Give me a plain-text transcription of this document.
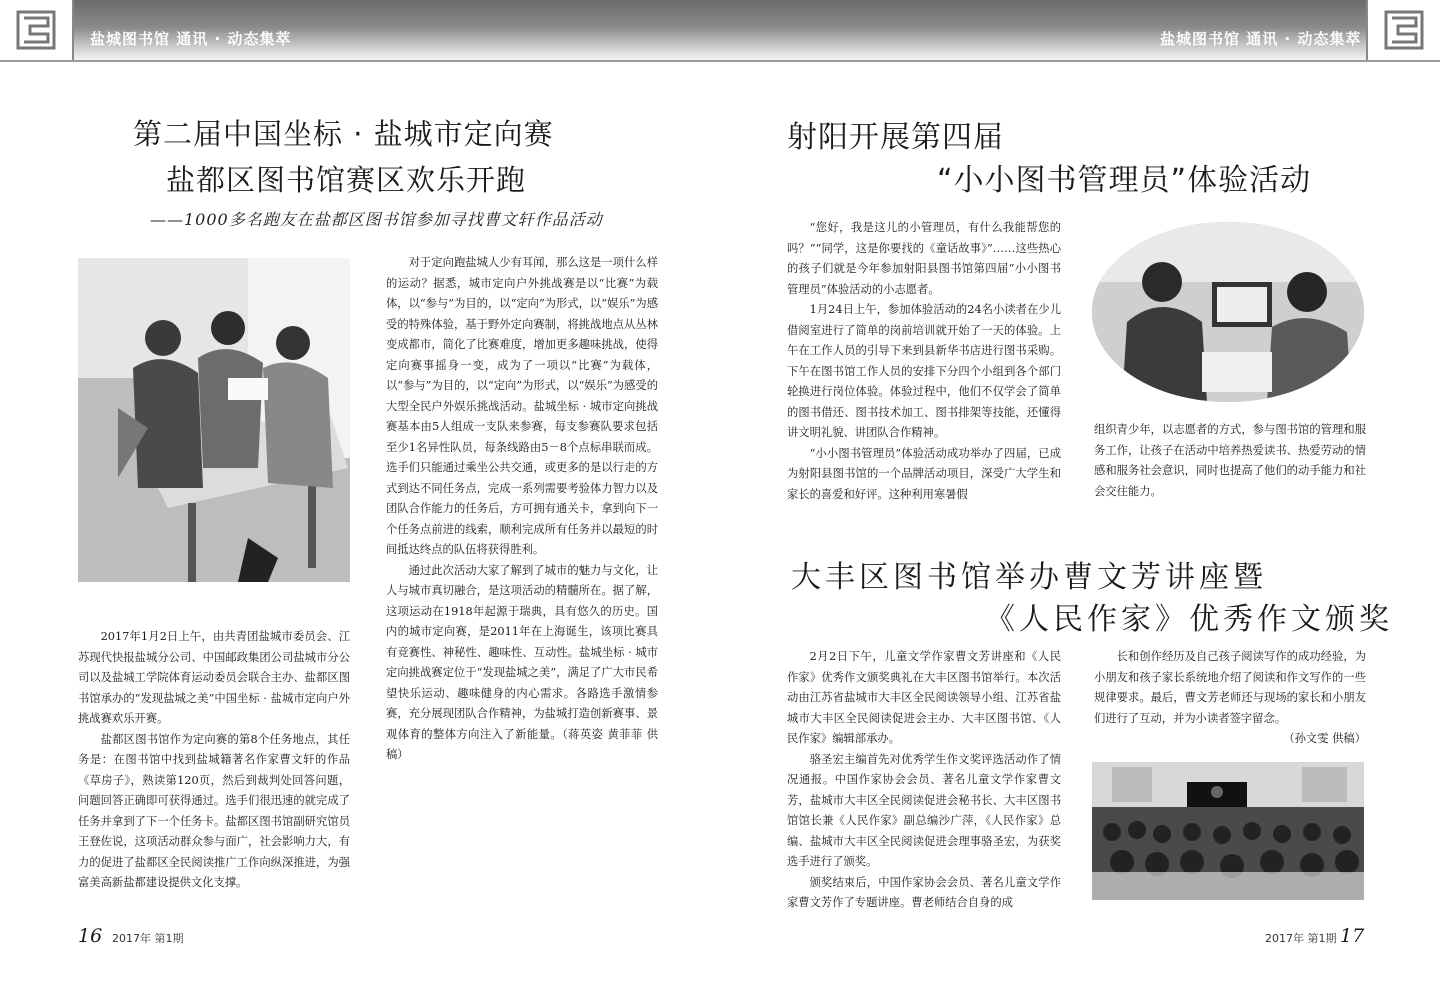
盐城图书馆 通讯 · 动态集萃	盐城图书馆 通讯 · 动态集萃
第二届中国坐标 · 盐城市定向赛
盐都区图书馆赛区欢乐开跑
——1000多名跑友在盐都区图书馆参加寻找曹文轩作品活动

对于定向跑盐城人少有耳闻，那么这是一项什么样的运动？据悉，城市定向户外挑战赛是以“比赛”为载体，以“参与”为目的，以“定向”为形式，以“娱乐”为感受的特殊体验，基于野外定向赛制，将挑战地点从丛林变成都市，简化了比赛难度，增加更多趣味挑战，使得定向赛事摇身一变，成为了一项以“比赛”为载体，以“参与”为目的，以“定向”为形式，以“娱乐”为感受的大型全民户外娱乐挑战活动。盐城坐标 · 城市定向挑战赛基本由5人组成一支队来参赛，每支参赛队要求包括至少1名异性队员，每条线路由5－8个点标串联而成。选手们只能通过乘坐公共交通，或更多的是以行走的方式到达不同任务点，完成一系列需要考验体力智力以及团队合作能力的任务后，方可拥有通关卡，拿到向下一个任务点前进的线索，顺利完成所有任务并以最短的时间抵达终点的队伍将获得胜利。

通过此次活动大家了解到了城市的魅力与文化，让人与城市真切融合，是这项活动的精髓所在。据了解，这项运动在1918年起源于瑞典，具有悠久的历史。国内的城市定向赛，是2011年在上海诞生，该项比赛具有竞赛性、神秘性、趣味性、互动性。盐城坐标 · 城市定向挑战赛定位于“发现盐城之美”，满足了广大市民希望快乐运动、趣味健身的内心需求。各路选手激情参赛，充分展现团队合作精神，为盐城打造创新赛事、景观体育的整体方向注入了新能量。（蒋英姿 黄菲菲 供稿）

2017年1月2日上午，由共青团盐城市委员会、江苏现代快报盐城分公司、中国邮政集团公司盐城市分公司以及盐城工学院体育运动委员会联合主办、盐都区图书馆承办的“发现盐城之美”中国坐标 · 盐城市定向户外挑战赛欢乐开赛。

盐都区图书馆作为定向赛的第8个任务地点，其任务是：在图书馆中找到盐城籍著名作家曹文轩的作品《草房子》，熟读第120页，然后到裁判处回答问题，问题回答正确即可获得通过。选手们很迅速的就完成了任务并拿到了下一个任务卡。盐都区图书馆副研究馆员王登佐说，这项活动群众参与面广，社会影响力大，有力的促进了盐都区全民阅读推广工作向纵深推进，为强富美高新盐都建设提供文化支撑。

16 2017年 第1期
射阳开展第四届
“小小图书管理员”体验活动

“您好，我是这儿的小管理员，有什么我能帮您的吗？”“同学，这是你要找的《童话故事》”……这些热心的孩子们就是今年参加射阳县图书馆第四届“小小图书管理员”体验活动的小志愿者。

1月24日上午，参加体验活动的24名小读者在少儿借阅室进行了简单的岗前培训就开始了一天的体验。上午在工作人员的引导下来到县新华书店进行图书采购。下午在图书馆工作人员的安排下分四个小组到各个部门轮换进行岗位体验。体验过程中，他们不仅学会了简单的图书借还、图书技术加工、图书排架等技能，还懂得讲文明礼貌、讲团队合作精神。

“小小图书管理员”体验活动成功举办了四届，已成为射阳县图书馆的一个品牌活动项目，深受广大学生和家长的喜爱和好评。这种利用寒暑假

组织青少年，以志愿者的方式，参与图书馆的管理和服务工作，让孩子在活动中培养热爱读书、热爱劳动的情感和服务社会意识，同时也提高了他们的动手能力和社会交往能力。

大丰区图书馆举办曹文芳讲座暨
《人民作家》优秀作文颁奖

2月2日下午，儿童文学作家曹文芳讲座和《人民作家》优秀作文颁奖典礼在大丰区图书馆举行。本次活动由江苏省盐城市大丰区全民阅读领导小组、江苏省盐城市大丰区全民阅读促进会主办、大丰区图书馆、《人民作家》编辑部承办。

骆圣宏主编首先对优秀学生作文奖评选活动作了情况通报。中国作家协会会员、著名儿童文学作家曹文芳，盐城市大丰区全民阅读促进会秘书长、大丰区图书馆馆长兼《人民作家》副总编沙广萍，《人民作家》总编、盐城市大丰区全民阅读促进会理事骆圣宏，为获奖选手进行了颁奖。

颁奖结束后，中国作家协会会员、著名儿童文学作家曹文芳作了专题讲座。曹老师结合自身的成

长和创作经历及自己孩子阅读写作的成功经验，为小朋友和孩子家长系统地介绍了阅读和作文写作的一些规律要求。最后，曹文芳老师还与现场的家长和小朋友们进行了互动，并为小读者签字留念。

（孙文雯 供稿）
2017年 第1期 17
